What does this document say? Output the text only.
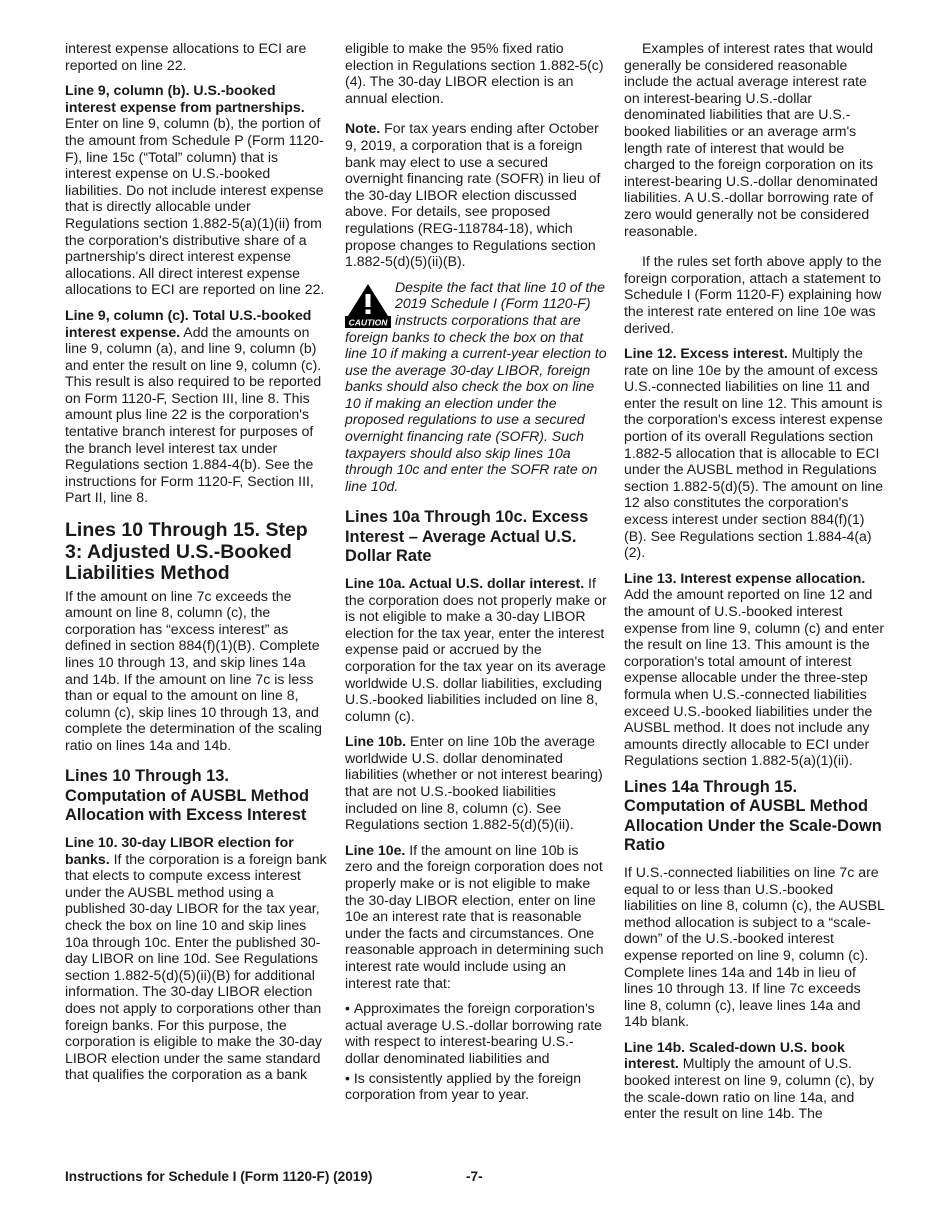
interest expense allocations to ECI are reported on line 22.

Line 9, column (b). U.S.-booked interest expense from partnerships. Enter on line 9, column (b), the portion of the amount from Schedule P (Form 1120-F), line 15c (“Total” column) that is interest expense on U.S.-booked liabilities. Do not include interest expense that is directly allocable under Regulations section 1.882-5(a)(1)(ii) from the corporation's distributive share of a partnership's direct interest expense allocations. All direct interest expense allocations to ECI are reported on line 22.

Line 9, column (c). Total U.S.-booked interest expense. Add the amounts on line 9, column (a), and line 9, column (b) and enter the result on line 9, column (c). This result is also required to be reported on Form 1120-F, Section III, line 8. This amount plus line 22 is the corporation's tentative branch interest for purposes of the branch level interest tax under Regulations section 1.884-4(b). See the instructions for Form 1120-F, Section III, Part II, line 8.

Lines 10 Through 15. Step 3: Adjusted U.S.-Booked Liabilities Method

If the amount on line 7c exceeds the amount on line 8, column (c), the corporation has “excess interest” as defined in section 884(f)(1)(B). Complete lines 10 through 13, and skip lines 14a and 14b. If the amount on line 7c is less than or equal to the amount on line 8, column (c), skip lines 10 through 13, and complete the determination of the scaling ratio on lines 14a and 14b.

Lines 10 Through 13. Computation of AUSBL Method Allocation with Excess Interest

Line 10. 30-day LIBOR election for banks. If the corporation is a foreign bank that elects to compute excess interest under the AUSBL method using a published 30-day LIBOR for the tax year, check the box on line 10 and skip lines 10a through 10c. Enter the published 30-day LIBOR on line 10d. See Regulations section 1.882-5(d)(5)(ii)(B) for additional information. The 30-day LIBOR election does not apply to corporations other than foreign banks. For this purpose, the corporation is eligible to make the 30-day LIBOR election under the same standard that qualifies the corporation as a bank

eligible to make the 95% fixed ratio election in Regulations section 1.882-5(c)(4). The 30-day LIBOR election is an annual election.

Note. For tax years ending after October 9, 2019, a corporation that is a foreign bank may elect to use a secured overnight financing rate (SOFR) in lieu of the 30-day LIBOR election discussed above. For details, see proposed regulations (REG-118784-18), which propose changes to Regulations section 1.882-5(d)(5)(ii)(B).

CAUTION
Despite the fact that line 10 of the 2019 Schedule I (Form 1120-F) instructs corporations that are foreign banks to check the box on that line 10 if making a current-year election to use the average 30-day LIBOR, foreign banks should also check the box on line 10 if making an election under the proposed regulations to use a secured overnight financing rate (SOFR). Such taxpayers should also skip lines 10a through 10c and enter the SOFR rate on line 10d.
Lines 10a Through 10c. Excess Interest – Average Actual U.S. Dollar Rate

Line 10a. Actual U.S. dollar interest. If the corporation does not properly make or is not eligible to make a 30-day LIBOR election for the tax year, enter the interest expense paid or accrued by the corporation for the tax year on its average worldwide U.S. dollar liabilities, excluding U.S.-booked liabilities included on line 8, column (c).

Line 10b. Enter on line 10b the average worldwide U.S. dollar denominated liabilities (whether or not interest bearing) that are not U.S.-booked liabilities included on line 8, column (c). See Regulations section 1.882-5(d)(5)(ii).

Line 10e. If the amount on line 10b is zero and the foreign corporation does not properly make or is not eligible to make the 30-day LIBOR election, enter on line 10e an interest rate that is reasonable under the facts and circumstances. One reasonable approach in determining such interest rate would include using an interest rate that:

• Approximates the foreign corporation's actual average U.S.-dollar borrowing rate with respect to interest-bearing U.S.-dollar denominated liabilities and

• Is consistently applied by the foreign corporation from year to year.

Examples of interest rates that would generally be considered reasonable include the actual average interest rate on interest-bearing U.S.-dollar denominated liabilities that are U.S.-booked liabilities or an average arm's length rate of interest that would be charged to the foreign corporation on its interest-bearing U.S.-dollar denominated liabilities. A U.S.-dollar borrowing rate of zero would generally not be considered reasonable.

If the rules set forth above apply to the foreign corporation, attach a statement to Schedule I (Form 1120-F) explaining how the interest rate entered on line 10e was derived.

Line 12. Excess interest. Multiply the rate on line 10e by the amount of excess U.S.-connected liabilities on line 11 and enter the result on line 12. This amount is the corporation's excess interest expense portion of its overall Regulations section 1.882-5 allocation that is allocable to ECI under the AUSBL method in Regulations section 1.882-5(d)(5). The amount on line 12 also constitutes the corporation's excess interest under section 884(f)(1)(B). See Regulations section 1.884-4(a)(2).

Line 13. Interest expense allocation. Add the amount reported on line 12 and the amount of U.S.-booked interest expense from line 9, column (c) and enter the result on line 13. This amount is the corporation's total amount of interest expense allocable under the three-step formula when U.S.-connected liabilities exceed U.S.-booked liabilities under the AUSBL method. It does not include any amounts directly allocable to ECI under Regulations section 1.882-5(a)(1)(ii).

Lines 14a Through 15. Computation of AUSBL Method Allocation Under the Scale-Down Ratio

If U.S.-connected liabilities on line 7c are equal to or less than U.S.-booked liabilities on line 8, column (c), the AUSBL method allocation is subject to a “scale-down” of the U.S.-booked interest expense reported on line 9, column (c). Complete lines 14a and 14b in lieu of lines 10 through 13. If line 7c exceeds line 8, column (c), leave lines 14a and 14b blank.

Line 14b. Scaled-down U.S. book interest. Multiply the amount of U.S. booked interest on line 9, column (c), by the scale-down ratio on line 14a, and enter the result on line 14b. The

Instructions for Schedule I (Form 1120-F) (2019)	-7-
